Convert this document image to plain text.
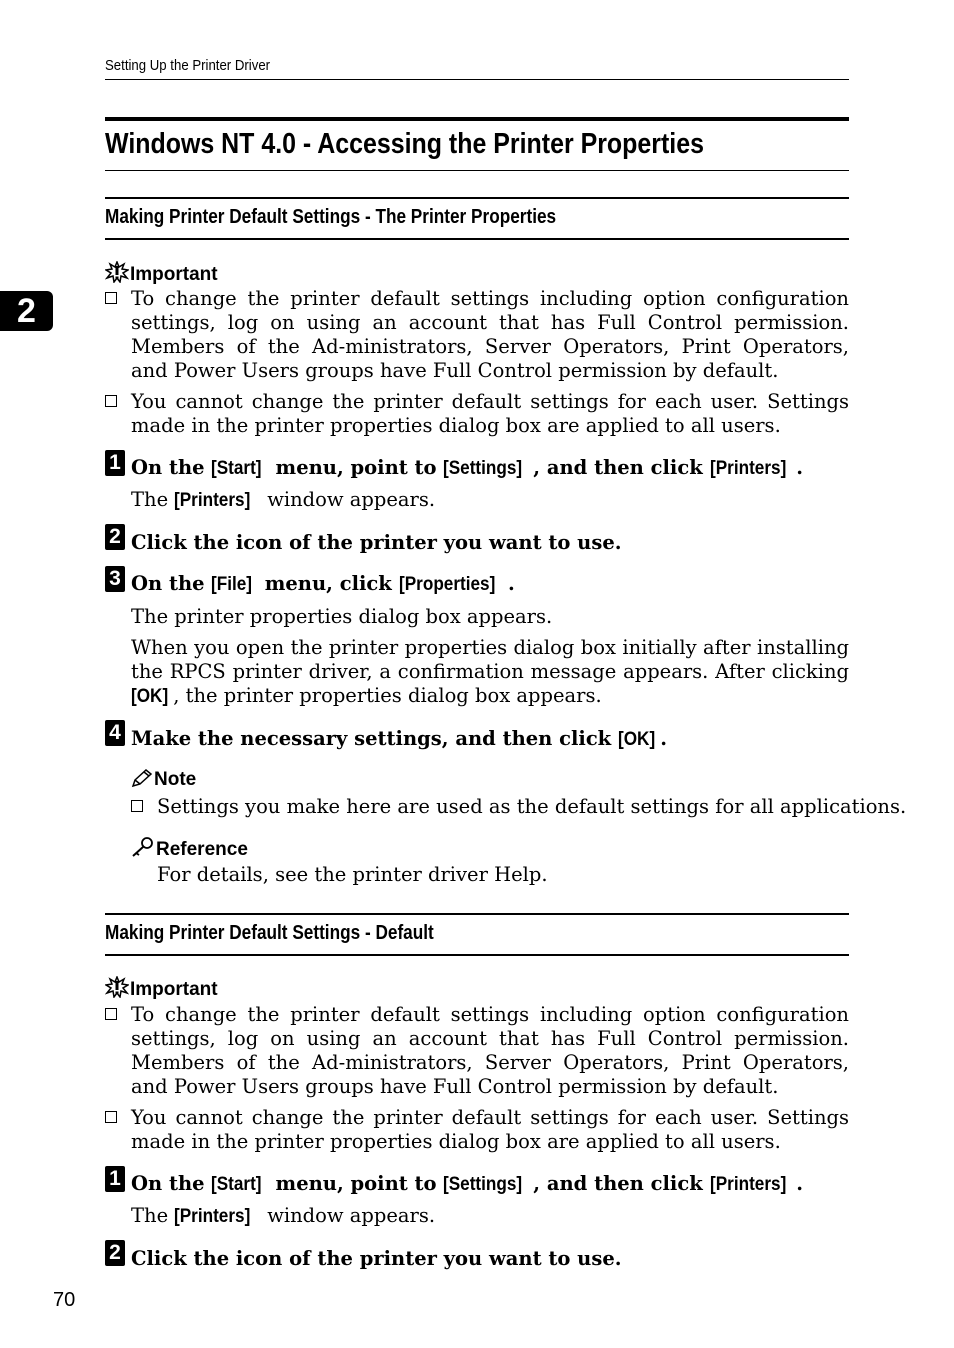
Setting Up the Printer Driver
2
Windows NT 4.0 - Accessing the Printer Properties
Making Printer Default Settings - The Printer Properties
Important
To change the printer default settings including option configuration settings, log on using an account that has Full Control permission. Members of the Ad-ministrators, Server Operators, Print Operators, and Power Users groups have Full Control permission by default.
You cannot change the printer default settings for each user. Settings made in the printer properties dialog box are applied to all users.
1 On the [Start] menu, point to [Settings] , and then click [Printers] .
The [Printers] window appears.
2 Click the icon of the printer you want to use.
3 On the [File] menu, click [Properties] .
The printer properties dialog box appears.
When you open the printer properties dialog box initially after installing the RPCS printer driver, a confirmation message appears. After clicking [OK] , the printer properties dialog box appears.
4 Make the necessary settings, and then click [OK] .
Note
Settings you make here are used as the default settings for all applications.
Reference
For details, see the printer driver Help.
Making Printer Default Settings - Default
Important
To change the printer default settings including option configuration settings, log on using an account that has Full Control permission. Members of the Ad-ministrators, Server Operators, Print Operators, and Power Users groups have Full Control permission by default.
You cannot change the printer default settings for each user. Settings made in the printer properties dialog box are applied to all users.
1 On the [Start] menu, point to [Settings] , and then click [Printers] .
The [Printers] window appears.
2 Click the icon of the printer you want to use.
70
